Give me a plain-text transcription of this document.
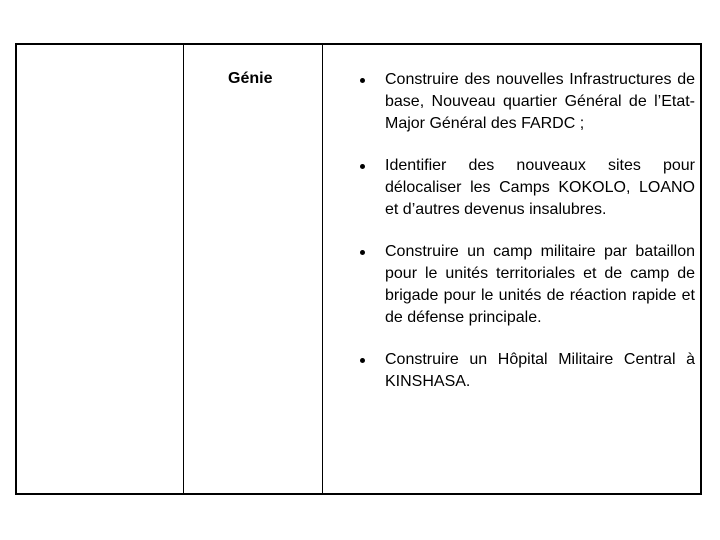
Génie	Construire des nouvelles Infrastructures de base, Nouveau quartier Général de l’Etat-Major Général des FARDC ;
Identifier des nouveaux sites pour délocaliser les Camps KOKOLO, LOANO et d’autres devenus insalubres.
Construire un camp militaire par bataillon pour le unités territoriales et de camp de brigade pour le unités de réaction rapide et de défense principale.
Construire un Hôpital Militaire Central à KINSHASA.
